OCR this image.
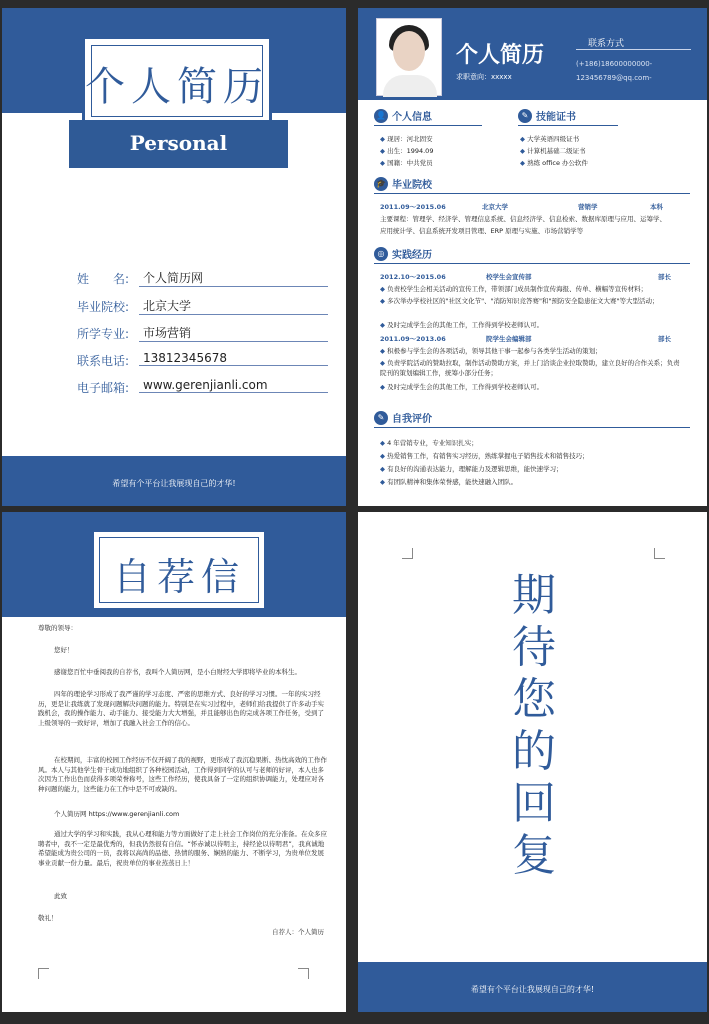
个人简历
Personal
姓　　名:	个人简历网
毕业院校:	北京大学
所学专业:	市场营销
联系电话:	13812345678
电子邮箱:	www.gerenjianli.com
希望有个平台让我展现自己的才华!
个人简历
求职意向：xxxxx
联系方式
(+186)18600000000-
123456789@qq.com-
👤 个人信息	✎ 技能证书
◆ 现居：河北固安
◆ 出生：1994.09
◆ 国籍：中共党员
◆ 大学英语四级证书
◆ 计算机基础二级证书
◆ 熟练 office 办公软件
🎓 毕业院校
2011.09～2015.06	北京大学	营销学	本科
主要课程：管理学、经济学、管理信息系统、信息经济学、信息检索、数据库原理与应用、运筹学、
应用统计学、信息系统开发项目管理、ERP 原理与实施、市场营销学等
◎ 实践经历
2012.10～2015.06	校学生会宣传部	部长
◆ 负责校学生会相关活动的宣传工作，带领部门成员制作宣传海报、传单、横幅等宣传材料；
◆ 多次举办学校社区的"社区文化节"、"消防知识竞答赛"和"预防安全隐患征文大赛"等大型活动；
◆ 及时完成学生会的其他工作，工作得到学校老师认可。
2011.09～2013.06	院学生会编辑部	部长
◆ 积极参与学生会的各项活动，领导其他干事一起参与各类学生活动的策划；
◆ 负责学院活动的赞助拉取，制作活动赞助方案，并上门洽谈企业拉取赞助，建立良好的合作关系；负责院刊的策划编辑工作，统筹小部分任务；
◆ 及时完成学生会的其他工作，工作得到学校老师认可。
✎ 自我评价
◆ 4 年营销专业，专业知识扎实；
◆ 热爱销售工作，有销售实习经历，熟练掌握电子销售技术和销售技巧；
◆ 有良好的沟通表达能力，理解能力及逻辑思维，能快速学习；
◆ 有团队精神和集体荣誉感，能快速融入团队。
自荐信
尊敬的领导：
您好！
感谢您百忙中垂阅我的自荐书，我叫个人简历网，是小白财经大学即将毕业的本科生。
四年的理论学习形成了我严谨的学习态度、严密的思维方式、良好的学习习惯。一年的实习经历，更是让我练就了发现问题解决问题的能力。特别是在实习过程中，老师们给我提供了许多动手实践机会，我的操作能力、动手能力、接受能力大大增强，并且能够出色的完成各项工作任务，受到了上级领导的一致好评，增加了我融入社会工作的信心。
在校期间，丰富的校园工作经历不仅开阔了我的视野，更形成了我沉稳果断、热忱高效的工作作风。本人与其他学生骨干成功地组织了各种校园活动，工作得到同学的认可与老师的好评，本人也多次因为工作出色而获得多项荣誉称号，这些工作经历，使我具备了一定的组织协调能力，处理应对各种问题的能力，这些能力在工作中是不可或缺的。
个人简历网 https://www.gerenjianli.com
通过大学的学习和实践，我从心理和能力等方面做好了走上社会工作岗位的充分准备。在众多应聘者中，我不一定是最优秀的，但我仍然很有自信。“怀赤诚以待明主，持经论以待明君”，我真诚地希望能成为贵公司的一员，我将以高尚的品德、热情的服务、娴熟的能力、不断学习，为贵单位发展事业贡献一份力量。最后，祝贵单位的事业蒸蒸日上！
此致
敬礼！
自荐人：个人简历
期待您的回复
希望有个平台让我展现自己的才华!
